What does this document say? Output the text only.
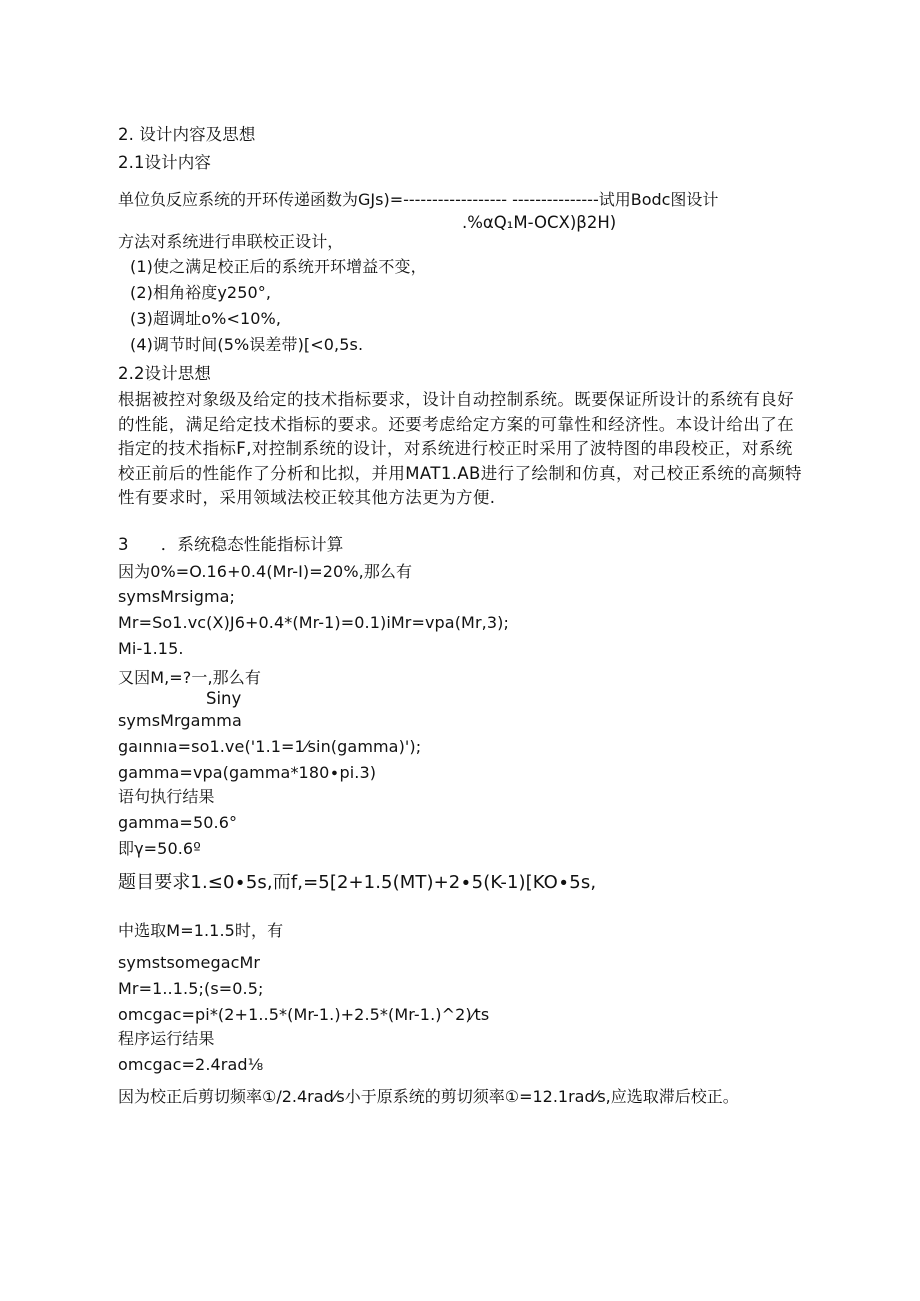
2. 设计内容及思想
2.1设计内容
单位负反应系统的开环传递函数为GJs)=------------------ ---------------试用Bodc图设计
.%αQ₁M-OCX)β2H)
方法对系统进行串联校正设计，
(1)使之满足校正后的系统开环增益不变，
(2)相角裕度y250°,
(3)超调址o%<10%,
(4)调节时间(5%误差带)[<0,5s.
2.2设计思想
根据被控对象级及给定的技术指标要求，设计自动控制系统。既要保证所设计的系统有良好
的性能，满足给定技术指标的要求。还要考虑给定方案的可靠性和经济性。本设计给出了在
指定的技术指标F,对控制系统的设计，对系统进行校正时采用了波特图的串段校正，对系统
校正前后的性能作了分析和比拟，并用MAT1.AB进行了绘制和仿真，对己校正系统的高频特
性有要求时，采用领域法校正较其他方法更为方便.
3	．系统稳态性能指标计算
因为0%=O.16+0.4(Mr-I)=20%,那么有
symsMrsigma;
Mr=So1.vc(X)J6+0.4*(Mr-1)=0.1)iMr=vpa(Mr,3);
Mi-1.15.
又因M,=?一,那么有
Siny
symsMrgamma
gaınnıa=so1.ve('1.1=1⁄sin(gamma)');
gamma=vpa(gamma*180∙pi.3)
语句执行结果
gamma=50.6°
即γ=50.6º
题目要求1.≤0∙5s,而f,=5[2+1.5(MT)+2∙5(K-1)[KO∙5s,
中选取M=1.1.5时，有
symstsomegacMr
Mr=1..1.5;(s=0.5;
omcgac=pi*(2+1..5*(Mr-1.)+2.5*(Mr-1.)^2)⁄ts
程序运行结果
omcgac=2.4rad⅛
因为校正后剪切频率①/2.4rad⁄s小于原系统的剪切须率①=12.1rad⁄s,应选取滞后校正。
